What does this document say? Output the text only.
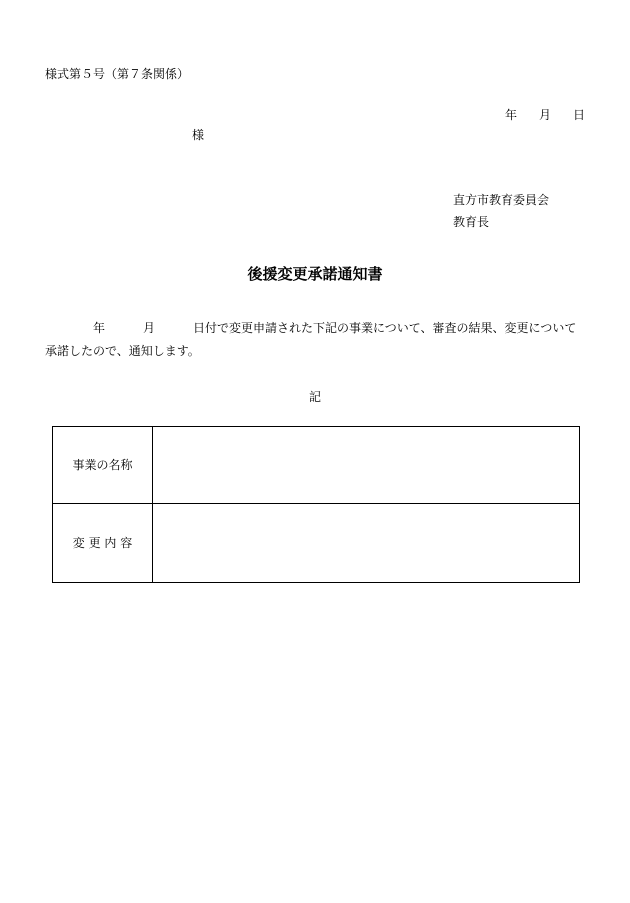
様式第５号（第７条関係）
年 月 日
様
直方市教育委員会
教育長
後援変更承諾通知書
年	月	日付で変更申請された下記の事業について、審査の結果、変更について
承諾したので、通知します。
記
事業の名称	
変 更 内 容	
